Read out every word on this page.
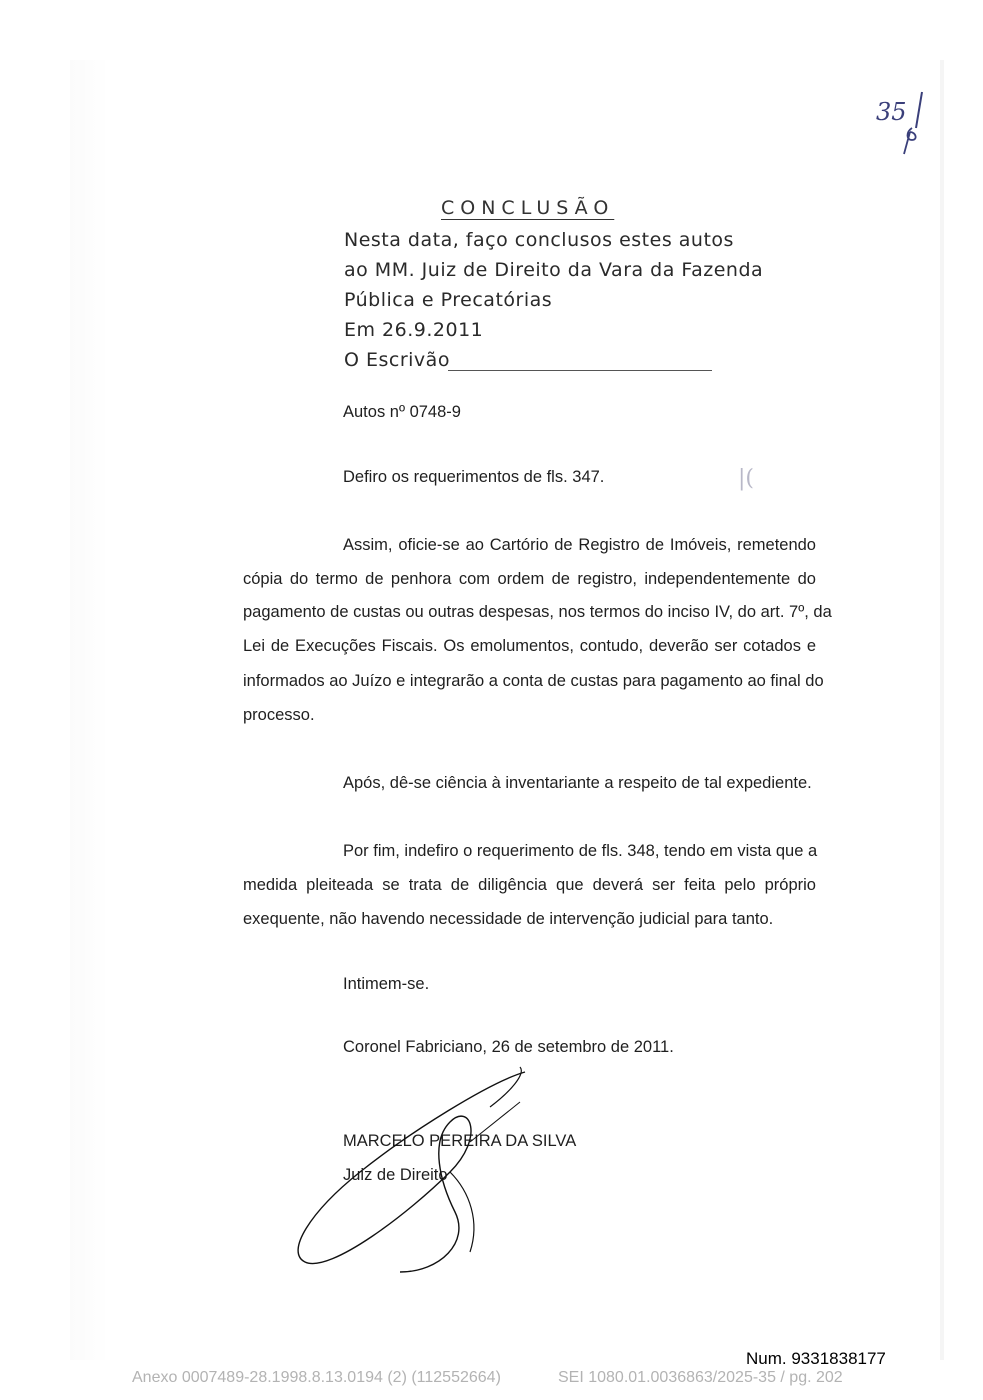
35
CONCLUSÃO
Nesta data, faço conclusos estes autos
ao MM. Juiz de Direito da Vara da Fazenda
Pública e Precatórias
Em 26.9.2011
O Escrivão
Autos nº 0748-9
Defiro os requerimentos de fls. 347.	|(
Assim, oficie-se ao Cartório de Registro de Imóveis, remetendo
cópia do termo de penhora com ordem de registro, independentemente do
pagamento de custas ou outras despesas, nos termos do inciso IV, do art. 7º, da
Lei de Execuções Fiscais. Os emolumentos, contudo, deverão ser cotados e
informados ao Juízo e integrarão a conta de custas para pagamento ao final do
processo.
Após, dê-se ciência à inventariante a respeito de tal expediente.
Por fim, indefiro o requerimento de fls. 348, tendo em vista que a
medida pleiteada se trata de diligência que deverá ser feita pelo próprio
exequente, não havendo necessidade de intervenção judicial para tanto.
Intimem-se.
Coronel Fabriciano, 26 de setembro de 2011.
MARCELO PEREIRA DA SILVA
Juiz de Direito
Num. 9331838177
Anexo 0007489-28.1998.8.13.0194 (2) (112552664)	SEI 1080.01.0036863/2025-35 / pg. 202
